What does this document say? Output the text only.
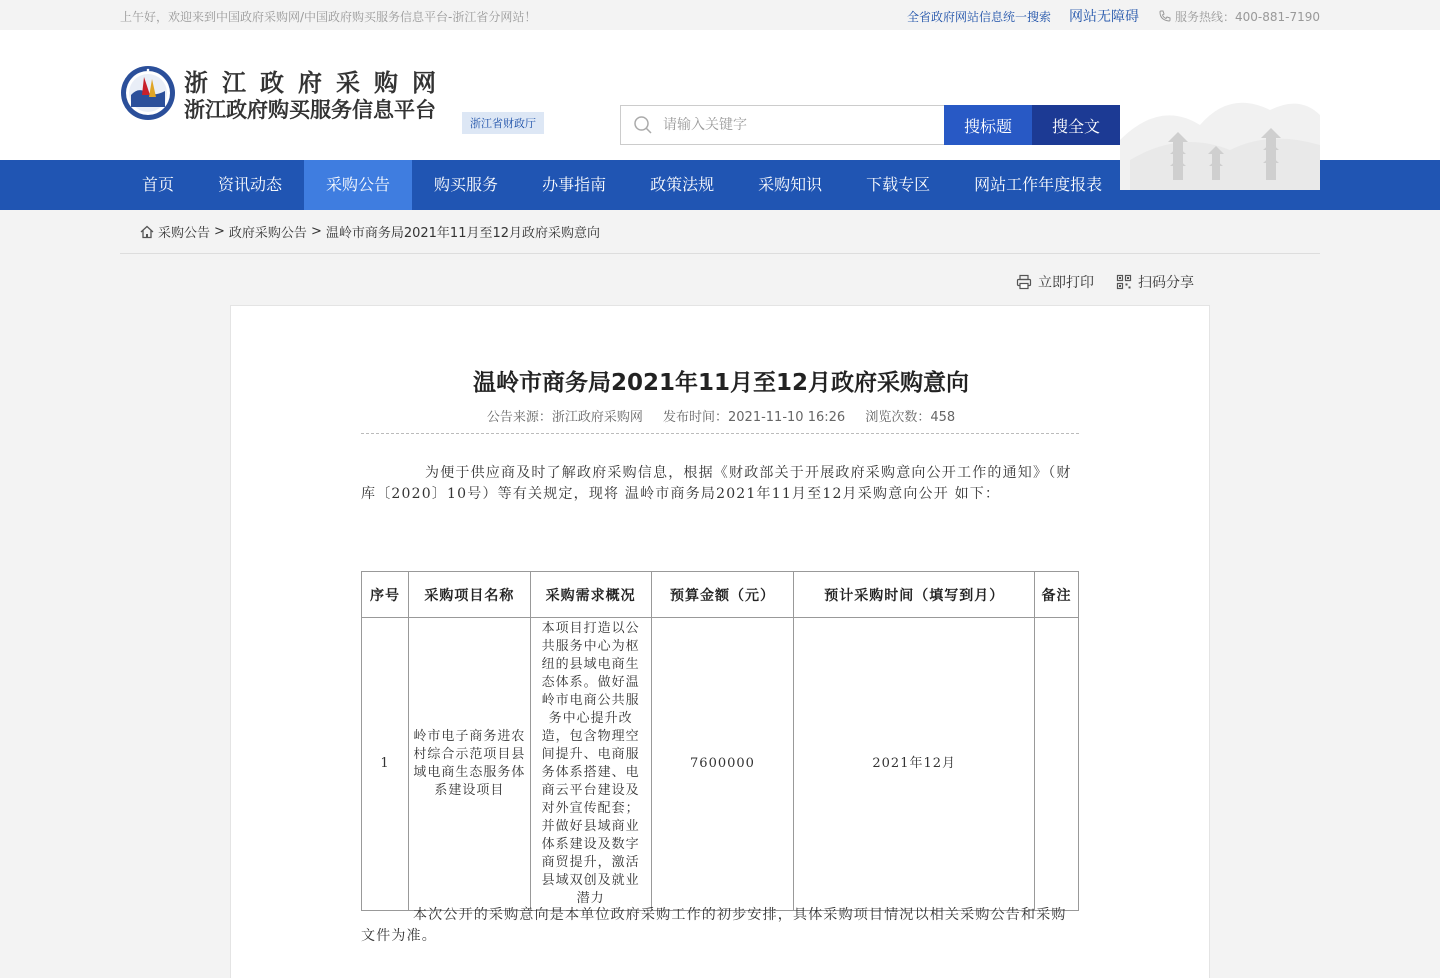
上午好，欢迎来到中国政府采购网/中国政府购买服务信息平台-浙江省分网站！	全省政府网站信息统一搜索 网站无障碍	服务热线：400-881-7190
浙江政府采购网
浙江政府购买服务信息平台
浙江省财政厅
请输入关键字	搜标题	搜全文
首页	资讯动态	采购公告	购买服务	办事指南	政策法规	采购知识	下载专区	网站工作年度报表
采购公告 > 政府采购公告 > 温岭市商务局2021年11月至12月政府采购意向
立即打印	扫码分享
温岭市商务局2021年11月至12月政府采购意向
公告来源：浙江政府采购网 发布时间：2021-11-10 16:26 浏览次数：458

为便于供应商及时了解政府采购信息，根据《财政部关于开展政府采购意向公开工作的通知》（财库〔2020〕10号）等有关规定，现将 温岭市商务局2021年11月至12月采购意向公开 如下：

序号	采购项目名称	采购需求概况	预算金额（元）	预计采购时间（填写到月）	备注
1	岭市电子商务进农村综合示范项目县域电商生态服务体系建设项目	本项目打造以公共服务中心为枢纽的县域电商生态体系。做好温岭市电商公共服务中心提升改造，包含物理空间提升、电商服务体系搭建、电商云平台建设及对外宣传配套；并做好县域商业体系建设及数字商贸提升，激活县域双创及就业潜力	7600000	2021年12月	

本次公开的采购意向是本单位政府采购工作的初步安排，具体采购项目情况以相关采购公告和采购文件为准。
